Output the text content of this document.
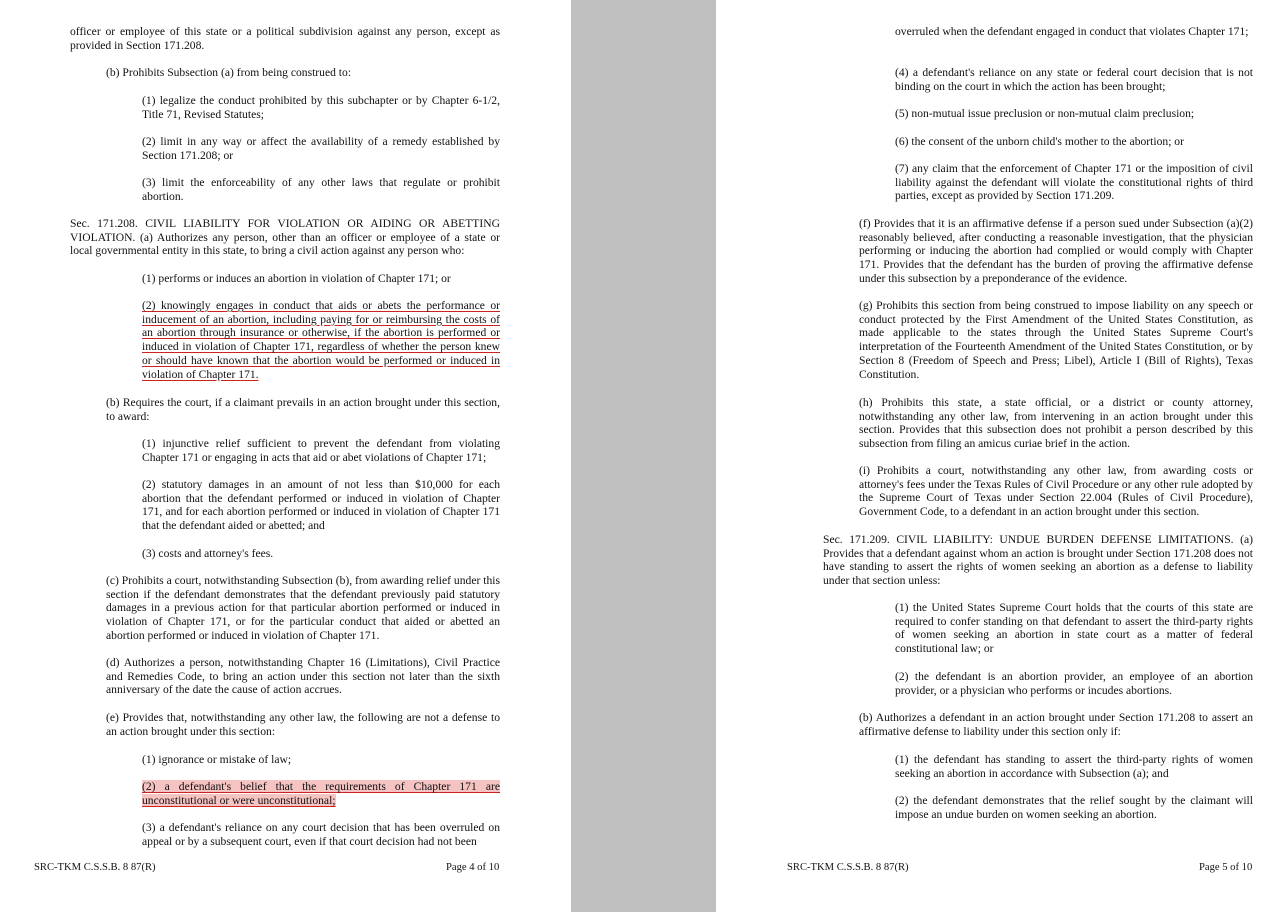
officer or employee of this state or a political subdivision against any person, except as provided in Section 171.208.

(b) Prohibits Subsection (a) from being construed to:

(1) legalize the conduct prohibited by this subchapter or by Chapter 6-1/2, Title 71, Revised Statutes;

(2) limit in any way or affect the availability of a remedy established by Section 171.208; or

(3) limit the enforceability of any other laws that regulate or prohibit abortion.

Sec. 171.208. CIVIL LIABILITY FOR VIOLATION OR AIDING OR ABETTING VIOLATION. (a) Authorizes any person, other than an officer or employee of a state or local governmental entity in this state, to bring a civil action against any person who:

(1) performs or induces an abortion in violation of Chapter 171; or

(2) knowingly engages in conduct that aids or abets the performance or inducement of an abortion, including paying for or reimbursing the costs of an abortion through insurance or otherwise, if the abortion is performed or induced in violation of Chapter 171, regardless of whether the person knew or should have known that the abortion would be performed or induced in violation of Chapter 171.

(b) Requires the court, if a claimant prevails in an action brought under this section, to award:

(1) injunctive relief sufficient to prevent the defendant from violating Chapter 171 or engaging in acts that aid or abet violations of Chapter 171;

(2) statutory damages in an amount of not less than $10,000 for each abortion that the defendant performed or induced in violation of Chapter 171, and for each abortion performed or induced in violation of Chapter 171 that the defendant aided or abetted; and

(3) costs and attorney's fees.

(c) Prohibits a court, notwithstanding Subsection (b), from awarding relief under this section if the defendant demonstrates that the defendant previously paid statutory damages in a previous action for that particular abortion performed or induced in violation of Chapter 171, or for the particular conduct that aided or abetted an abortion performed or induced in violation of Chapter 171.

(d) Authorizes a person, notwithstanding Chapter 16 (Limitations), Civil Practice and Remedies Code, to bring an action under this section not later than the sixth anniversary of the date the cause of action accrues.

(e) Provides that, notwithstanding any other law, the following are not a defense to an action brought under this section:

(1) ignorance or mistake of law;

(2) a defendant's belief that the requirements of Chapter 171 are unconstitutional or were unconstitutional;

(3) a defendant's reliance on any court decision that has been overruled on appeal or by a subsequent court, even if that court decision had not been

SRC-TKM C.S.S.B. 8 87(R)	Page 4 of 10

overruled when the defendant engaged in conduct that violates Chapter 171;

(4) a defendant's reliance on any state or federal court decision that is not binding on the court in which the action has been brought;

(5) non-mutual issue preclusion or non-mutual claim preclusion;

(6) the consent of the unborn child's mother to the abortion; or

(7) any claim that the enforcement of Chapter 171 or the imposition of civil liability against the defendant will violate the constitutional rights of third parties, except as provided by Section 171.209.

(f) Provides that it is an affirmative defense if a person sued under Subsection (a)(2) reasonably believed, after conducting a reasonable investigation, that the physician performing or inducing the abortion had complied or would comply with Chapter 171. Provides that the defendant has the burden of proving the affirmative defense under this subsection by a preponderance of the evidence.

(g) Prohibits this section from being construed to impose liability on any speech or conduct protected by the First Amendment of the United States Constitution, as made applicable to the states through the United States Supreme Court's interpretation of the Fourteenth Amendment of the United States Constitution, or by Section 8 (Freedom of Speech and Press; Libel), Article I (Bill of Rights), Texas Constitution.

(h) Prohibits this state, a state official, or a district or county attorney, notwithstanding any other law, from intervening in an action brought under this section. Provides that this subsection does not prohibit a person described by this subsection from filing an amicus curiae brief in the action.

(i) Prohibits a court, notwithstanding any other law, from awarding costs or attorney's fees under the Texas Rules of Civil Procedure or any other rule adopted by the Supreme Court of Texas under Section 22.004 (Rules of Civil Procedure), Government Code, to a defendant in an action brought under this section.

Sec. 171.209. CIVIL LIABILITY: UNDUE BURDEN DEFENSE LIMITATIONS. (a) Provides that a defendant against whom an action is brought under Section 171.208 does not have standing to assert the rights of women seeking an abortion as a defense to liability under that section unless:

(1) the United States Supreme Court holds that the courts of this state are required to confer standing on that defendant to assert the third-party rights of women seeking an abortion in state court as a matter of federal constitutional law; or

(2) the defendant is an abortion provider, an employee of an abortion provider, or a physician who performs or incudes abortions.

(b) Authorizes a defendant in an action brought under Section 171.208 to assert an affirmative defense to liability under this section only if:

(1) the defendant has standing to assert the third-party rights of women seeking an abortion in accordance with Subsection (a); and

(2) the defendant demonstrates that the relief sought by the claimant will impose an undue burden on women seeking an abortion.

SRC-TKM C.S.S.B. 8 87(R)	Page 5 of 10
